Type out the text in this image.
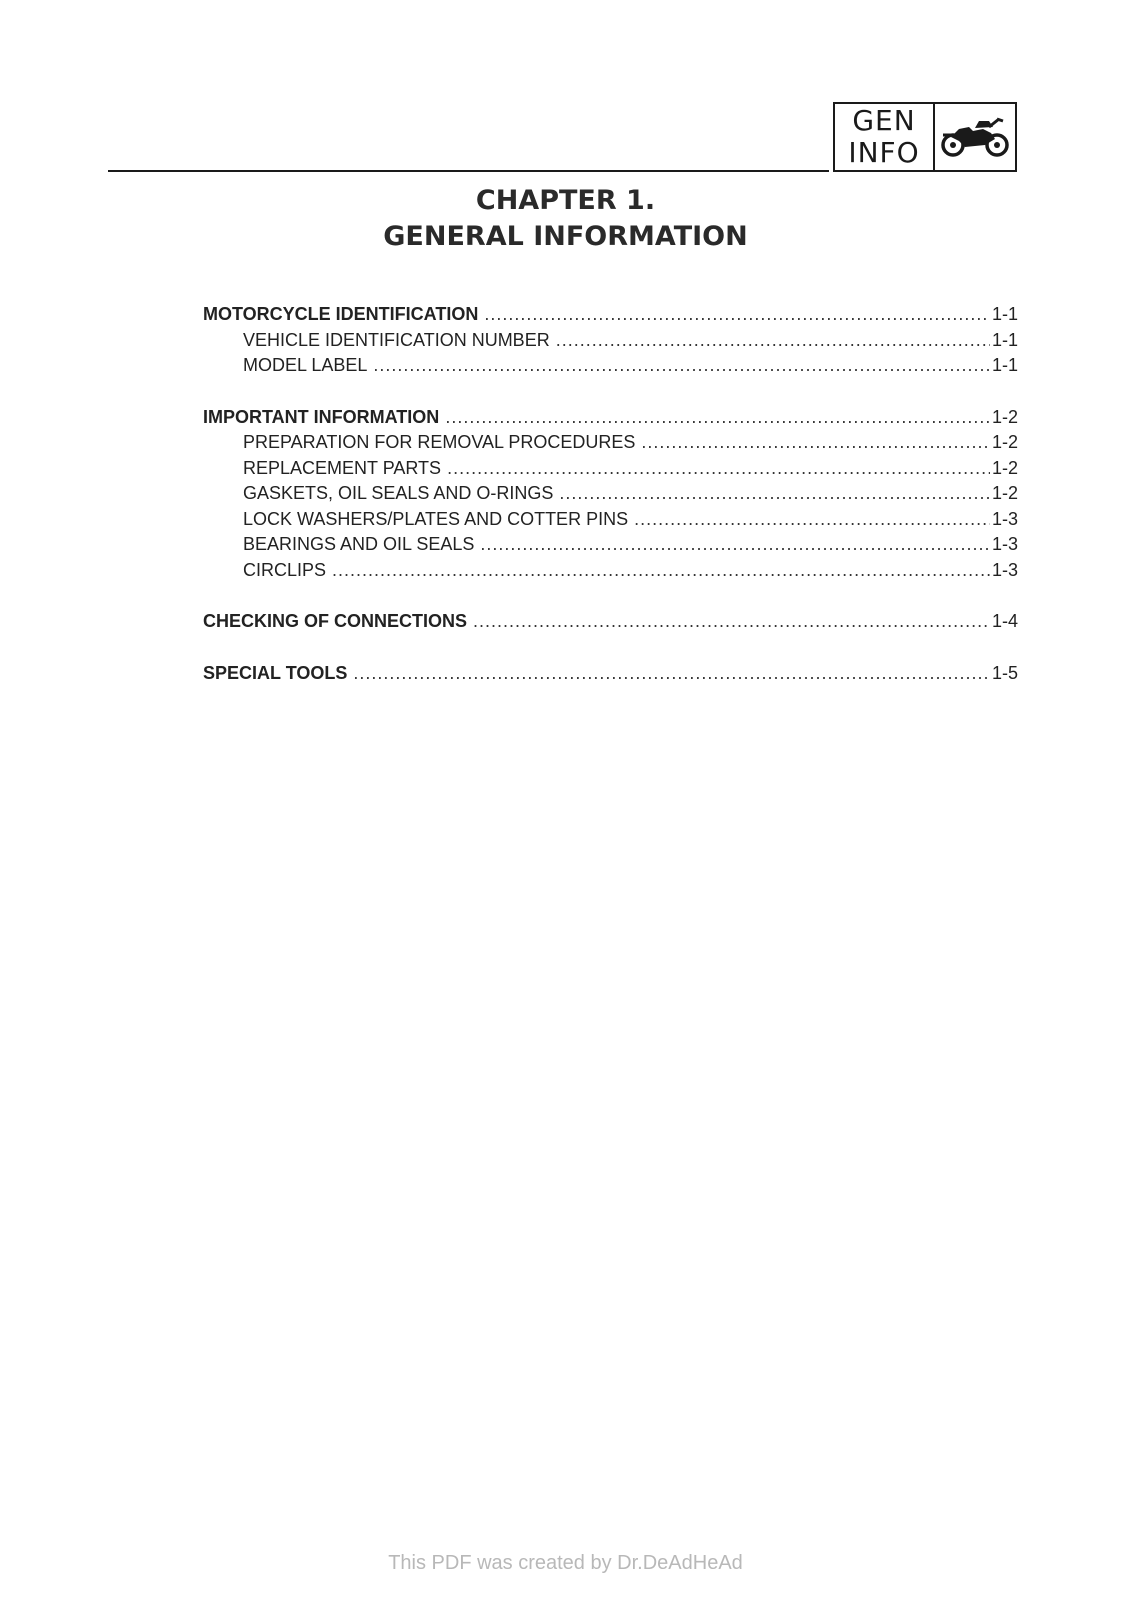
GEN
INFO
CHAPTER 1.
GENERAL INFORMATION
MOTORCYCLE IDENTIFICATION .....	1-1
VEHICLE IDENTIFICATION NUMBER .....	1-1
MODEL LABEL .....	1-1
IMPORTANT INFORMATION .....	1-2
PREPARATION FOR REMOVAL PROCEDURES .....	1-2
REPLACEMENT PARTS .....	1-2
GASKETS, OIL SEALS AND O-RINGS .....	1-2
LOCK WASHERS/PLATES AND COTTER PINS .....	1-3
BEARINGS AND OIL SEALS .....	1-3
CIRCLIPS .....	1-3
CHECKING OF CONNECTIONS .....	1-4
SPECIAL TOOLS .....	1-5
This PDF was created by Dr.DeAdHeAd
